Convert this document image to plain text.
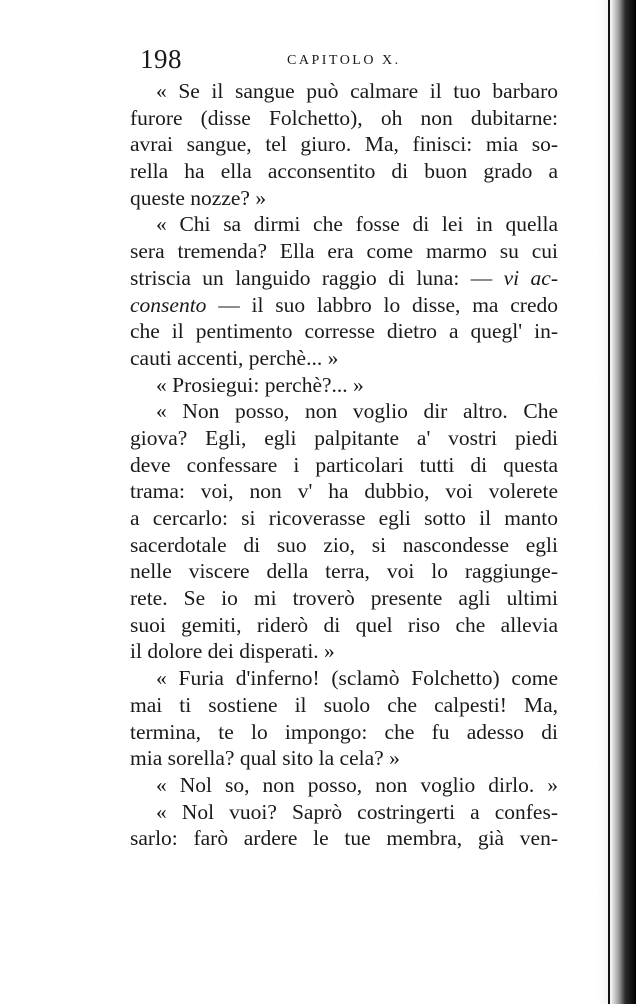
198	CAPITOLO X.
« Se il sangue può calmare il tuo barbaro
furore (disse Folchetto), oh non dubitarne:
avrai sangue, tel giuro. Ma, finisci: mia so-
rella ha ella acconsentito di buon grado a
queste nozze? »
« Chi sa dirmi che fosse di lei in quella
sera tremenda? Ella era come marmo su cui
striscia un languido raggio di luna: — vi ac-
consento — il suo labbro lo disse, ma credo
che il pentimento corresse dietro a quegl' in-
cauti accenti, perchè... »
« Prosiegui: perchè?... »
« Non posso, non voglio dir altro. Che
giova? Egli, egli palpitante a' vostri piedi
deve confessare i particolari tutti di questa
trama: voi, non v' ha dubbio, voi volerete
a cercarlo: si ricoverasse egli sotto il manto
sacerdotale di suo zio, si nascondesse egli
nelle viscere della terra, voi lo raggiunge-
rete. Se io mi troverò presente agli ultimi
suoi gemiti, riderò di quel riso che allevia
il dolore dei disperati. »
« Furia d'inferno! (sclamò Folchetto) come
mai ti sostiene il suolo che calpesti! Ma,
termina, te lo impongo: che fu adesso di
mia sorella? qual sito la cela? »
« Nol so, non posso, non voglio dirlo. »
« Nol vuoi? Saprò costringerti a confes-
sarlo: farò ardere le tue membra, già ven-
